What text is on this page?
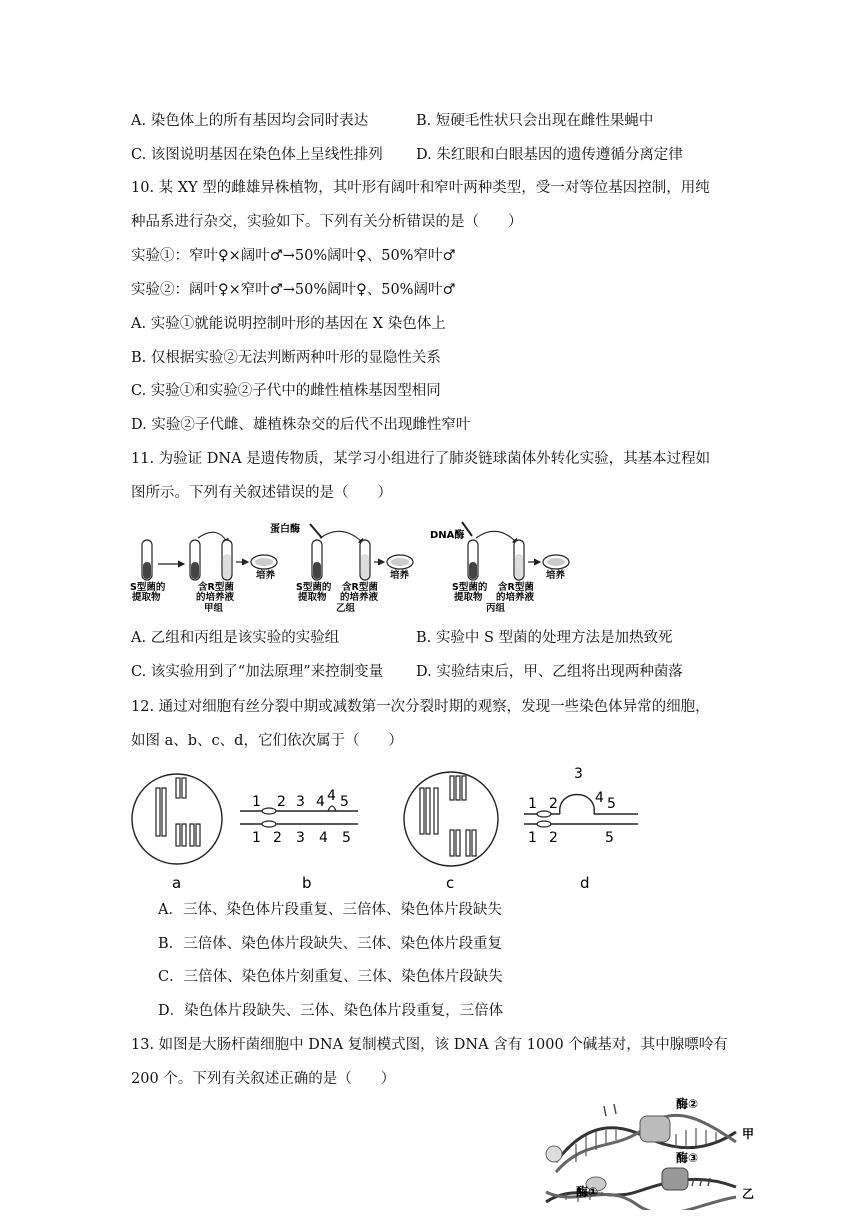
A. 染色体上的所有基因均会同时表达	B. 短硬毛性状只会出现在雌性果蝇中
C. 该图说明基因在染色体上呈线性排列 D. 朱红眼和白眼基因的遗传遵循分离定律
10. 某 XY 型的雌雄异株植物，其叶形有阔叶和窄叶两种类型，受一对等位基因控制，用纯
种品系进行杂交，实验如下。下列有关分析错误的是（　　）
实验①：窄叶♀×阔叶♂→50%阔叶♀、50%窄叶♂
实验②：阔叶♀×窄叶♂→50%阔叶♀、50%阔叶♂
A. 实验①就能说明控制叶形的基因在 X 染色体上
B. 仅根据实验②无法判断两种叶形的显隐性关系
C. 实验①和实验②子代中的雌性植株基因型相同
D. 实验②子代雌、雄植株杂交的后代不出现雌性窄叶
11. 为验证 DNA 是遗传物质，某学习小组进行了肺炎链球菌体外转化实验，其基本过程如
图所示。下列有关叙述错误的是（　　）
S型菌的
提取物
含R型菌
的培养液
培养
甲组
蛋白酶
S型菌的
提取物
含R型菌
的培养液
培养
乙组
DNA酶
S型菌的
提取物
含R型菌
的培养液
培养
丙组
A. 乙组和丙组是该实验的实验组	B. 实验中 S 型菌的处理方法是加热致死
C. 该实验用到了“加法原理”来控制变量 D. 实验结束后，甲、乙组将出现两种菌落
12. 通过对细胞有丝分裂中期或减数第一次分裂时期的观察，发现一些染色体异常的细胞，
如图 a、b、c、d，它们依次属于（　　）
a
1 2 3 4 4 5
1 2 3 4 5
b	c
1 2
3
4 5
1 2	5
d
A．三体、染色体片段重复、三倍体、染色体片段缺失
B．三倍体、染色体片段缺失、三体、染色体片段重复
C．三倍体、染色体片刻重复、三体、染色体片段缺失
D．染色体片段缺失、三体、染色体片段重复，三倍体
13. 如图是大肠杆菌细胞中 DNA 复制模式图，该 DNA 含有 1000 个碱基对，其中腺嘌呤有
200 个。下列有关叙述正确的是（　　）
酶②
酶③
酶①
甲
乙
